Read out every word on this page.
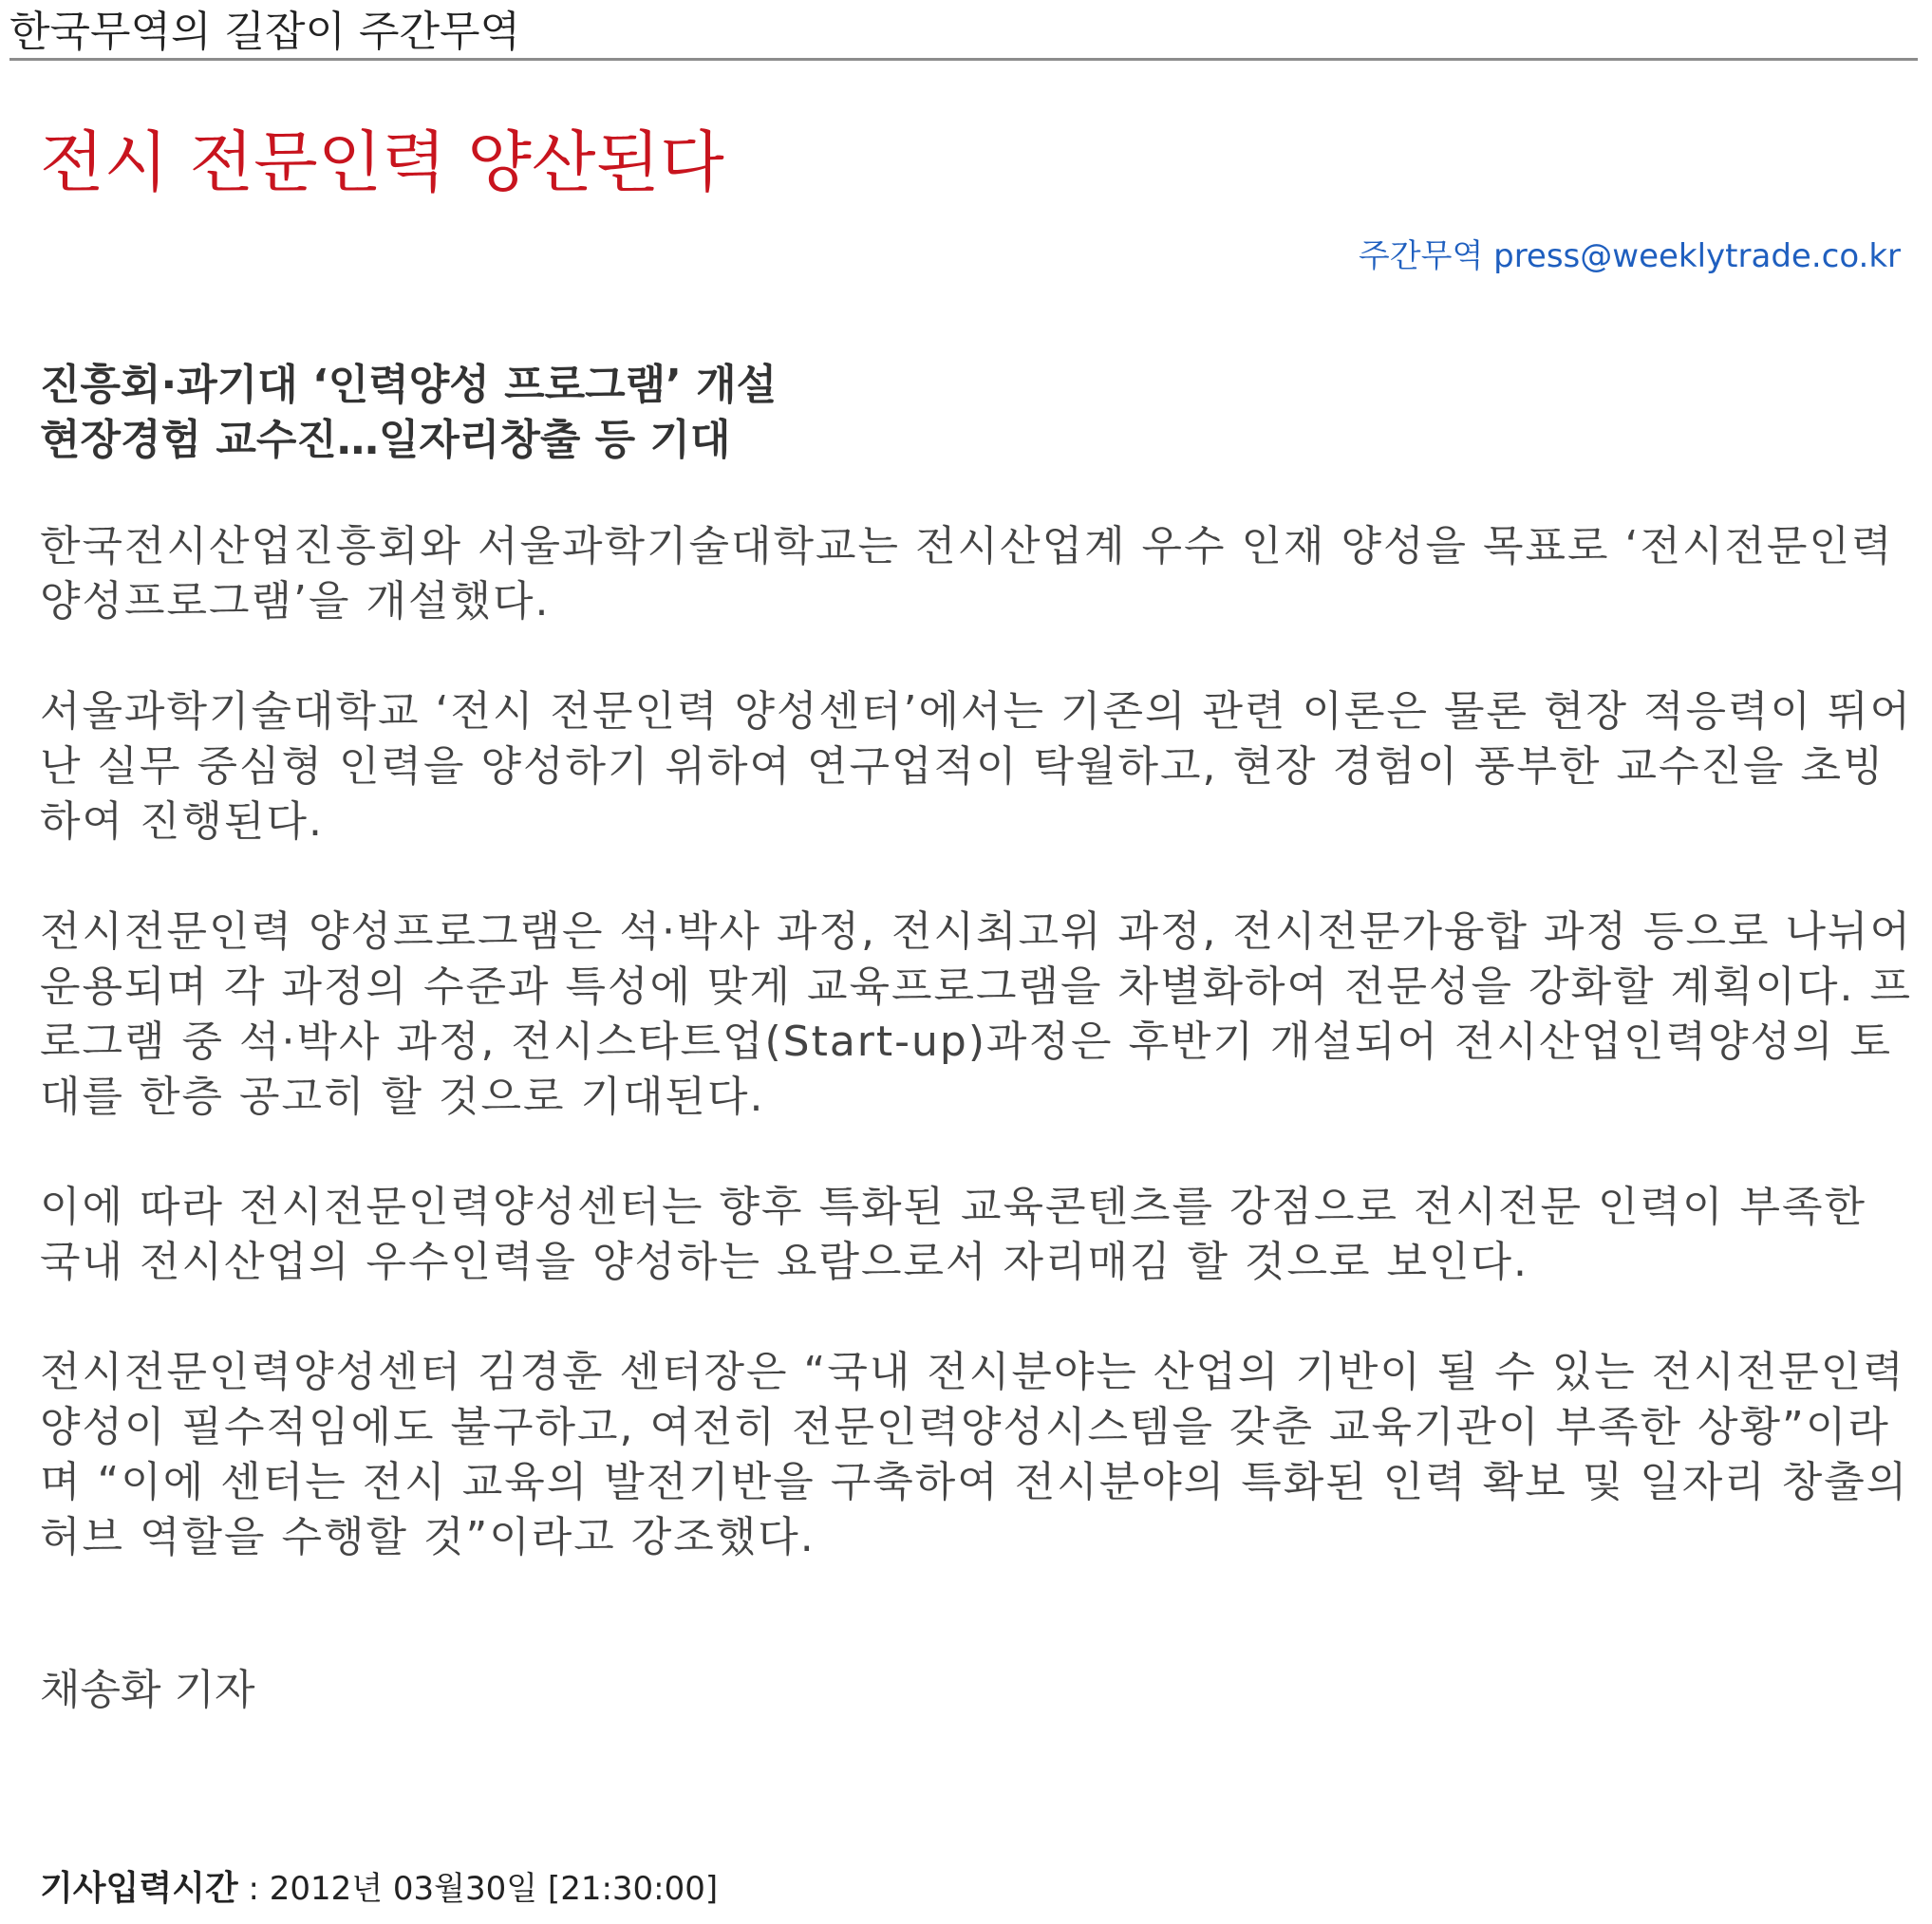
한국무역의 길잡이 주간무역
전시 전문인력 양산된다
주간무역 press@weeklytrade.co.kr
진흥회·과기대 ‘인력양성 프로그램’ 개설
현장경험 교수진…일자리창출 등 기대

한국전시산업진흥회와 서울과학기술대학교는 전시산업계 우수 인재 양성을 목표로 ‘전시전문인력 양성프로그램’을 개설했다.

서울과학기술대학교 ‘전시 전문인력 양성센터’에서는 기존의 관련 이론은 물론 현장 적응력이 뛰어난 실무 중심형 인력을 양성하기 위하여 연구업적이 탁월하고, 현장 경험이 풍부한 교수진을 초빙하여 진행된다.

전시전문인력 양성프로그램은 석·박사 과정, 전시최고위 과정, 전시전문가융합 과정 등으로 나뉘어 운용되며 각 과정의 수준과 특성에 맞게 교육프로그램을 차별화하여 전문성을 강화할 계획이다. 프로그램 중 석·박사 과정, 전시스타트업(Start-up)과정은 후반기 개설되어 전시산업인력양성의 토대를 한층 공고히 할 것으로 기대된다.

이에 따라 전시전문인력양성센터는 향후 특화된 교육콘텐츠를 강점으로 전시전문 인력이 부족한 국내 전시산업의 우수인력을 양성하는 요람으로서 자리매김 할 것으로 보인다.

전시전문인력양성센터 김경훈 센터장은 “국내 전시분야는 산업의 기반이 될 수 있는 전시전문인력양성이 필수적임에도 불구하고, 여전히 전문인력양성시스템을 갖춘 교육기관이 부족한 상황”이라며 “이에 센터는 전시 교육의 발전기반을 구축하여 전시분야의 특화된 인력 확보 및 일자리 창출의 허브 역할을 수행할 것”이라고 강조했다.

채송화 기자
기사입력시간 : 2012년 03월30일 [21:30:00]
